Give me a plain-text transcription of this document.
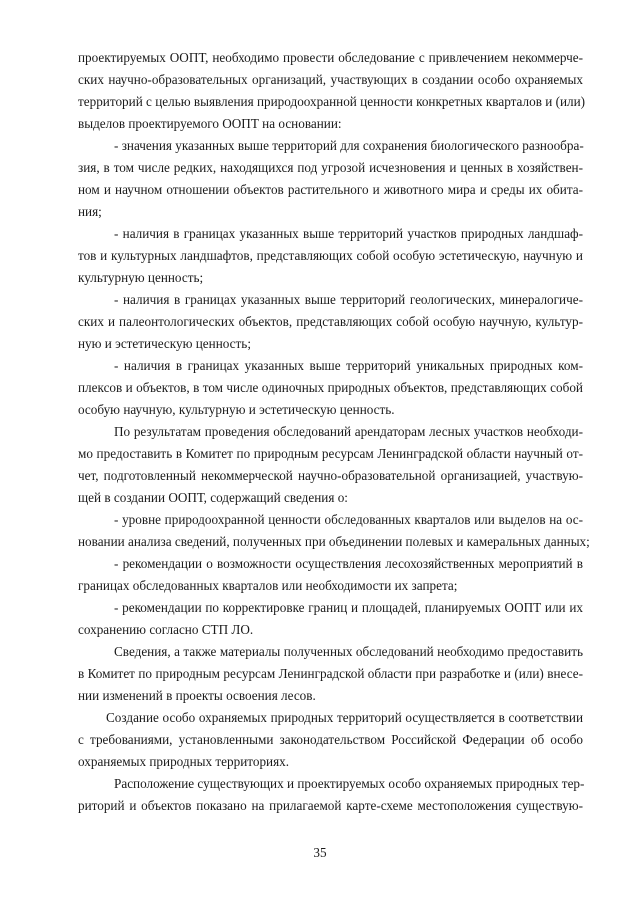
проектируемых ООПТ, необходимо провести обследование с привлечением некоммерче-
ских научно-образовательных организаций, участвующих в создании особо охраняемых
территорий с целью выявления природоохранной ценности конкретных кварталов и (или)
выделов проектируемого ООПТ на основании:
- значения указанных выше территорий для сохранения биологического разнообра-
зия, в том числе редких, находящихся под угрозой исчезновения и ценных в хозяйствен-
ном и научном отношении объектов растительного и животного мира и среды их обита-
ния;
- наличия в границах указанных выше территорий участков природных ландшаф-
тов и культурных ландшафтов, представляющих собой особую эстетическую, научную и
культурную ценность;
- наличия в границах указанных выше территорий геологических, минералогиче-
ских и палеонтологических объектов, представляющих собой особую научную, культур-
ную и эстетическую ценность;
- наличия в границах указанных выше территорий уникальных природных ком-
плексов и объектов, в том числе одиночных природных объектов, представляющих собой
особую научную, культурную и эстетическую ценность.
По результатам проведения обследований арендаторам лесных участков необходи-
мо предоставить в Комитет по природным ресурсам Ленинградской области научный от-
чет, подготовленный некоммерческой научно-образовательной организацией, участвую-
щей в создании ООПТ, содержащий сведения о:
- уровне природоохранной ценности обследованных кварталов или выделов на ос-
новании анализа сведений, полученных при объединении полевых и камеральных данных;
- рекомендации о возможности осуществления лесохозяйственных мероприятий в
границах обследованных кварталов или необходимости их запрета;
- рекомендации по корректировке границ и площадей, планируемых ООПТ или их
сохранению согласно СТП ЛО.
Сведения, а также материалы полученных обследований необходимо предоставить
в Комитет по природным ресурсам Ленинградской области при разработке и (или) внесе-
нии изменений в проекты освоения лесов.
Создание особо охраняемых природных территорий осуществляется в соответствии
с требованиями, установленными законодательством Российской Федерации об особо
охраняемых природных территориях.
Расположение существующих и проектируемых особо охраняемых природных тер-
риторий и объектов показано на прилагаемой карте-схеме местоположения существую-
35
